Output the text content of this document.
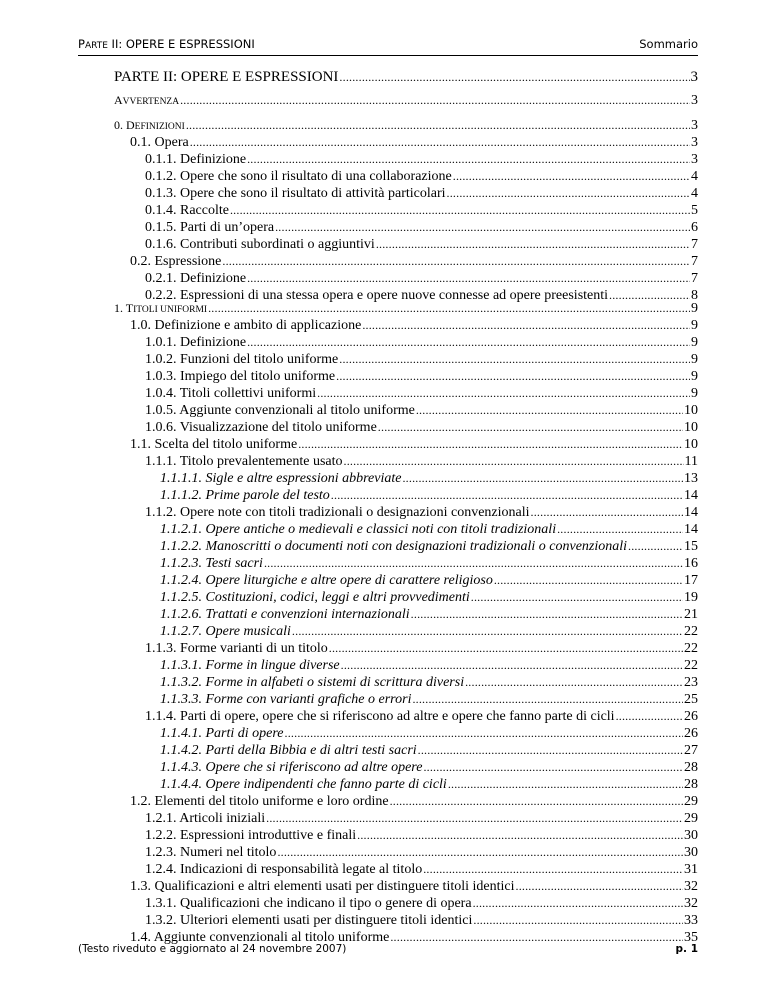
PARTE II: OPERE E ESPRESSIONI	Sommario
PARTE II: OPERE E ESPRESSIONI .....	3
AVVERTENZA .....	3
0. DEFINIZIONI .....	3
0.1. Opera .....	3
0.1.1. Definizione .....	3
0.1.2. Opere che sono il risultato di una collaborazione .....	4
0.1.3. Opere che sono il risultato di attività particolari .....	4
0.1.4. Raccolte .....	5
0.1.5. Parti di un’opera .....	6
0.1.6. Contributi subordinati o aggiuntivi .....	7
0.2. Espressione .....	7
0.2.1. Definizione .....	7
0.2.2. Espressioni di una stessa opera e opere nuove connesse ad opere preesistenti .....	8
1. TITOLI UNIFORMI .....	9
1.0. Definizione e ambito di applicazione .....	9
1.0.1. Definizione .....	9
1.0.2. Funzioni del titolo uniforme .....	9
1.0.3. Impiego del titolo uniforme .....	9
1.0.4. Titoli collettivi uniformi .....	9
1.0.5. Aggiunte convenzionali al titolo uniforme .....	10
1.0.6. Visualizzazione del titolo uniforme .....	10
1.1. Scelta del titolo uniforme .....	10
1.1.1. Titolo prevalentemente usato .....	11
1.1.1.1. Sigle e altre espressioni abbreviate .....	13
1.1.1.2. Prime parole del testo .....	14
1.1.2. Opere note con titoli tradizionali o designazioni convenzionali .....	14
1.1.2.1. Opere antiche o medievali e classici noti con titoli tradizionali .....	14
1.1.2.2. Manoscritti o documenti noti con designazioni tradizionali o convenzionali .....	15
1.1.2.3. Testi sacri .....	16
1.1.2.4. Opere liturgiche e altre opere di carattere religioso .....	17
1.1.2.5. Costituzioni, codici, leggi e altri provvedimenti .....	19
1.1.2.6. Trattati e convenzioni internazionali .....	21
1.1.2.7. Opere musicali .....	22
1.1.3. Forme varianti di un titolo .....	22
1.1.3.1. Forme in lingue diverse .....	22
1.1.3.2. Forme in alfabeti o sistemi di scrittura diversi .....	23
1.1.3.3. Forme con varianti grafiche o errori .....	25
1.1.4. Parti di opere, opere che si riferiscono ad altre e opere che fanno parte di cicli .....	26
1.1.4.1. Parti di opere .....	26
1.1.4.2. Parti della Bibbia e di altri testi sacri .....	27
1.1.4.3. Opere che si riferiscono ad altre opere .....	28
1.1.4.4. Opere indipendenti che fanno parte di cicli .....	28
1.2. Elementi del titolo uniforme e loro ordine .....	29
1.2.1. Articoli iniziali .....	29
1.2.2. Espressioni introduttive e finali .....	30
1.2.3. Numeri nel titolo .....	30
1.2.4. Indicazioni di responsabilità legate al titolo .....	31
1.3. Qualificazioni e altri elementi usati per distinguere titoli identici .....	32
1.3.1. Qualificazioni che indicano il tipo o genere di opera .....	32
1.3.2. Ulteriori elementi usati per distinguere titoli identici .....	33
1.4. Aggiunte convenzionali al titolo uniforme .....	35
(Testo riveduto e aggiornato al 24 novembre 2007)	p. 1
